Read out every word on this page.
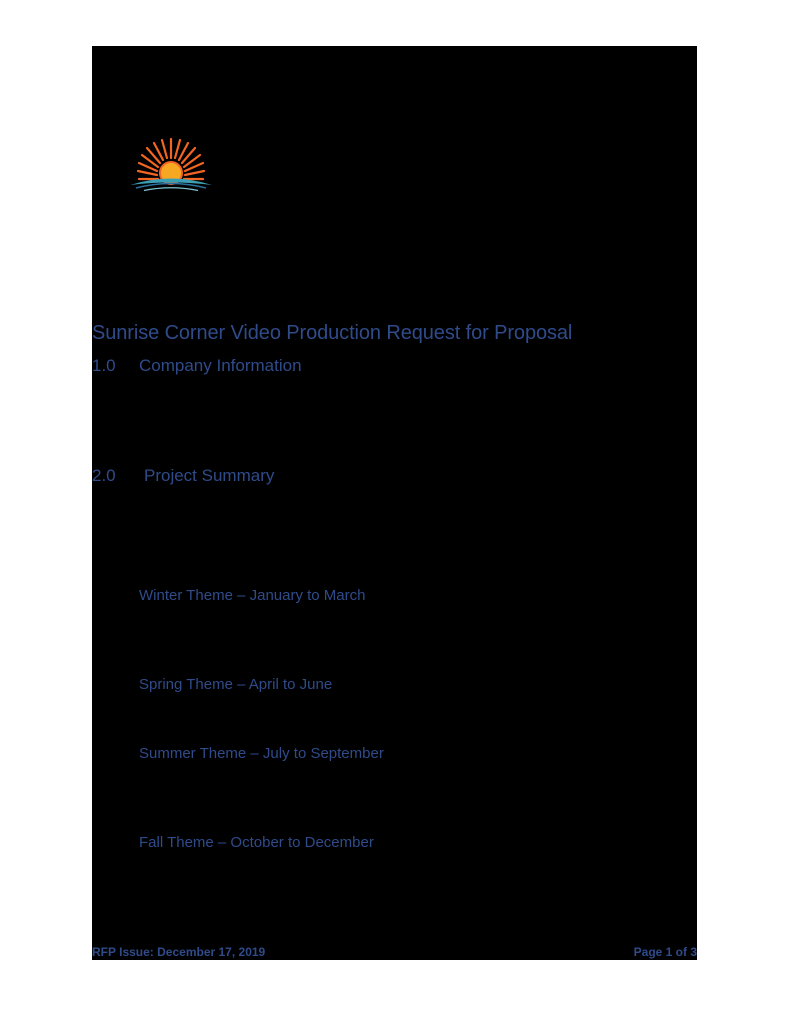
Sunrise Corner Video Production Request for Proposal
1.0 Company Information
2.0 Project Summary
Winter Theme – January to March
Spring Theme – April to June
Summer Theme – July to September
Fall Theme – October to December
RFP Issue: December 17, 2019	Page 1 of 3
